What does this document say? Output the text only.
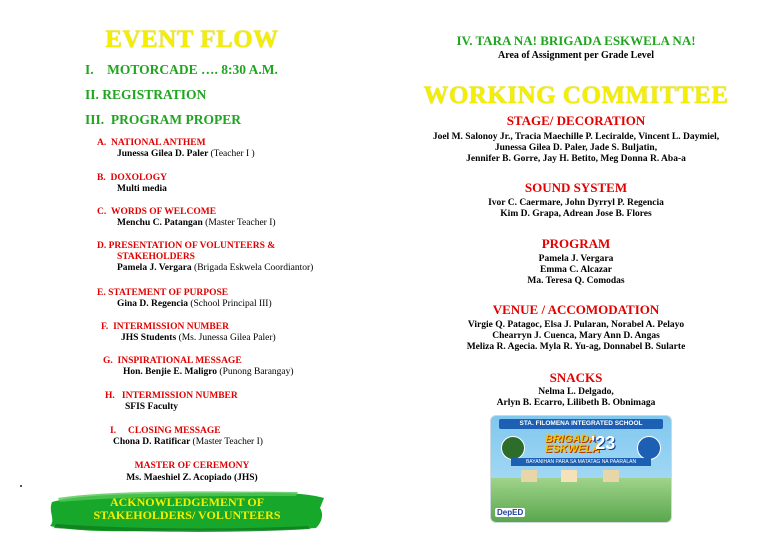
EVENT FLOW
I. MOTORCADE …. 8:30 A.M.
II. REGISTRATION
III. PROGRAM PROPER
A. NATIONAL ANTHEM
Junessa Gilea D. Paler (Teacher I )
B. DOXOLOGY
Multi media
C. WORDS OF WELCOME
Menchu C. Patangan (Master Teacher I)
D. PRESENTATION OF VOLUNTEERS &
STAKEHOLDERS
Pamela J. Vergara (Brigada Eskwela Coordiantor)
E. STATEMENT OF PURPOSE
Gina D. Regencia (School Principal III)
F. INTERMISSION NUMBER
JHS Students (Ms. Junessa Gilea Paler)
G. INSPIRATIONAL MESSAGE
Hon. Benjie E. Maligro (Punong Barangay)
H. INTERMISSION NUMBER
SFIS Faculty
I. CLOSING MESSAGE
Chona D. Ratificar (Master Teacher I)
MASTER OF CEREMONY
Ms. Maeshiel Z. Acopiado (JHS)
ACKNOWLEDGEMENT OF
STAKEHOLDERS/ VOLUNTEERS
IV. TARA NA! BRIGADA ESKWELA NA!
Area of Assignment per Grade Level
WORKING COMMITTEE
STAGE/ DECORATION
Joel M. Salonoy Jr., Tracia Maechille P. Leciralde, Vincent L. Daymiel,
Junessa Gilea D. Paler, Jade S. Buljatin,
Jennifer B. Gorre, Jay H. Betito, Meg Donna R. Aba-a
SOUND SYSTEM
Ivor C. Caermare, John Dyrryl P. Regencia
Kim D. Grapa, Adrean Jose B. Flores
PROGRAM
Pamela J. Vergara
Emma C. Alcazar
Ma. Teresa Q. Comodas
VENUE / ACCOMODATION
Virgie Q. Patagoc, Elsa J. Pularan, Norabel A. Pelayo
Chearryn J. Cuenca, Mary Ann D. Angas
Meliza R. Agecia. Myla R. Yu-ag, Donnabel B. Sularte
SNACKS
Nelma L. Delgado,
Arlyn B. Ecarro, Lilibeth B. Obnimaga
STA. FILOMENA INTEGRATED SCHOOL
BRIGADA
ESKWELA
'23
BAYANIHAN PARA SA MATATAG NA PAARALAN
DepED
